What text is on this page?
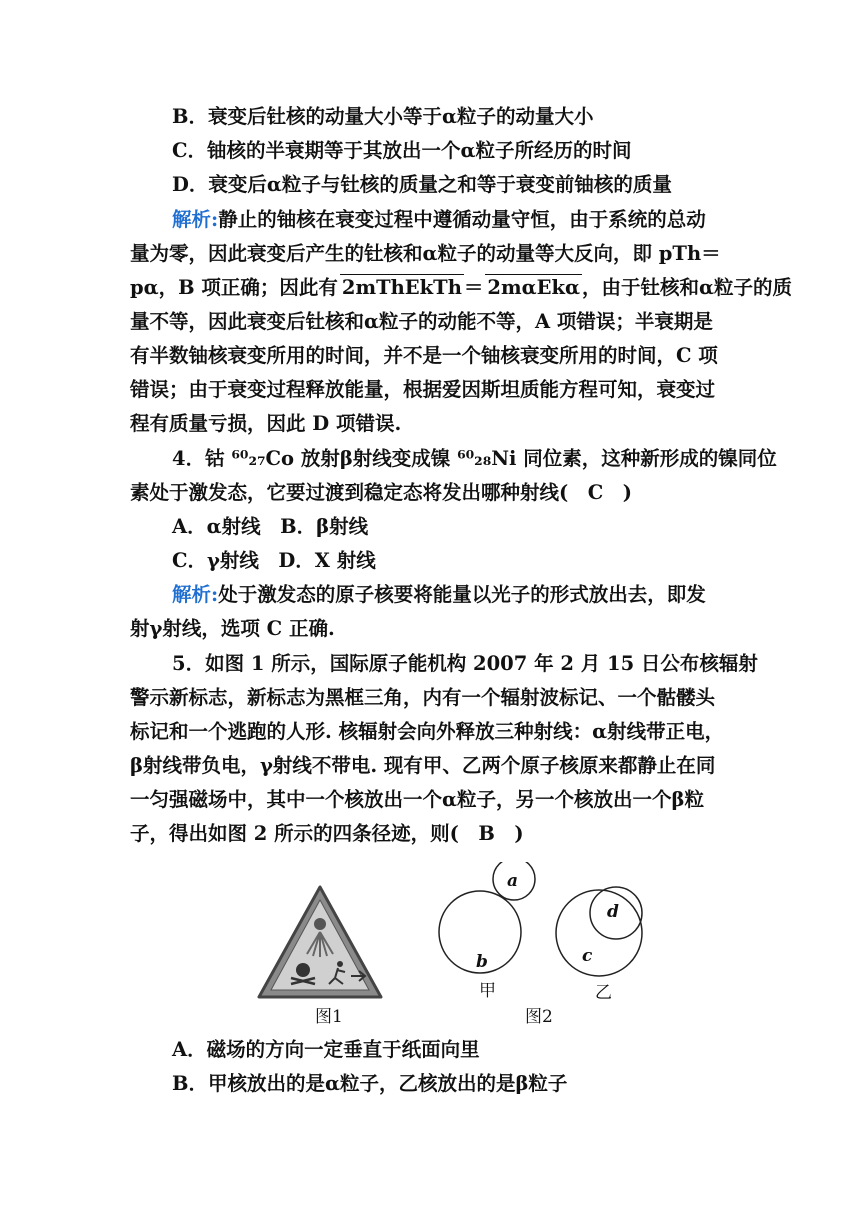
B．衰变后钍核的动量大小等于α粒子的动量大小
C．铀核的半衰期等于其放出一个α粒子所经历的时间
D．衰变后α粒子与钍核的质量之和等于衰变前铀核的质量
解析:静止的铀核在衰变过程中遵循动量守恒，由于系统的总动
量为零，因此衰变后产生的钍核和α粒子的动量等大反向，即 pTh＝
pα，B 项正确；因此有 2mThEkTh ＝ 2mαEkα ，由于钍核和α粒子的质
量不等，因此衰变后钍核和α粒子的动能不等，A 项错误；半衰期是
有半数铀核衰变所用的时间，并不是一个铀核衰变所用的时间，C 项
错误；由于衰变过程释放能量，根据爱因斯坦质能方程可知，衰变过
程有质量亏损，因此 D 项错误.
4．钴 ⁶⁰₂₇Co 放射β射线变成镍 ⁶⁰₂₈Ni 同位素，这种新形成的镍同位
素处于激发态，它要过渡到稳定态将发出哪种射线(　C　)
A．α射线　B．β射线
C．γ射线　D．X 射线
解析:处于激发态的原子核要将能量以光子的形式放出去，即发
射γ射线，选项 C 正确.
5．如图 1 所示，国际原子能机构 2007 年 2 月 15 日公布核辐射
警示新标志，新标志为黑框三角，内有一个辐射波标记、一个骷髅头
标记和一个逃跑的人形. 核辐射会向外释放三种射线：α射线带正电，
β射线带负电，γ射线不带电. 现有甲、乙两个原子核原来都静止在同
一匀强磁场中，其中一个核放出一个α粒子，另一个核放出一个β粒
子，得出如图 2 所示的四条径迹，则(　B　)
a
b	c
d
甲	乙
图1	图2
A．磁场的方向一定垂直于纸面向里
B．甲核放出的是α粒子，乙核放出的是β粒子
